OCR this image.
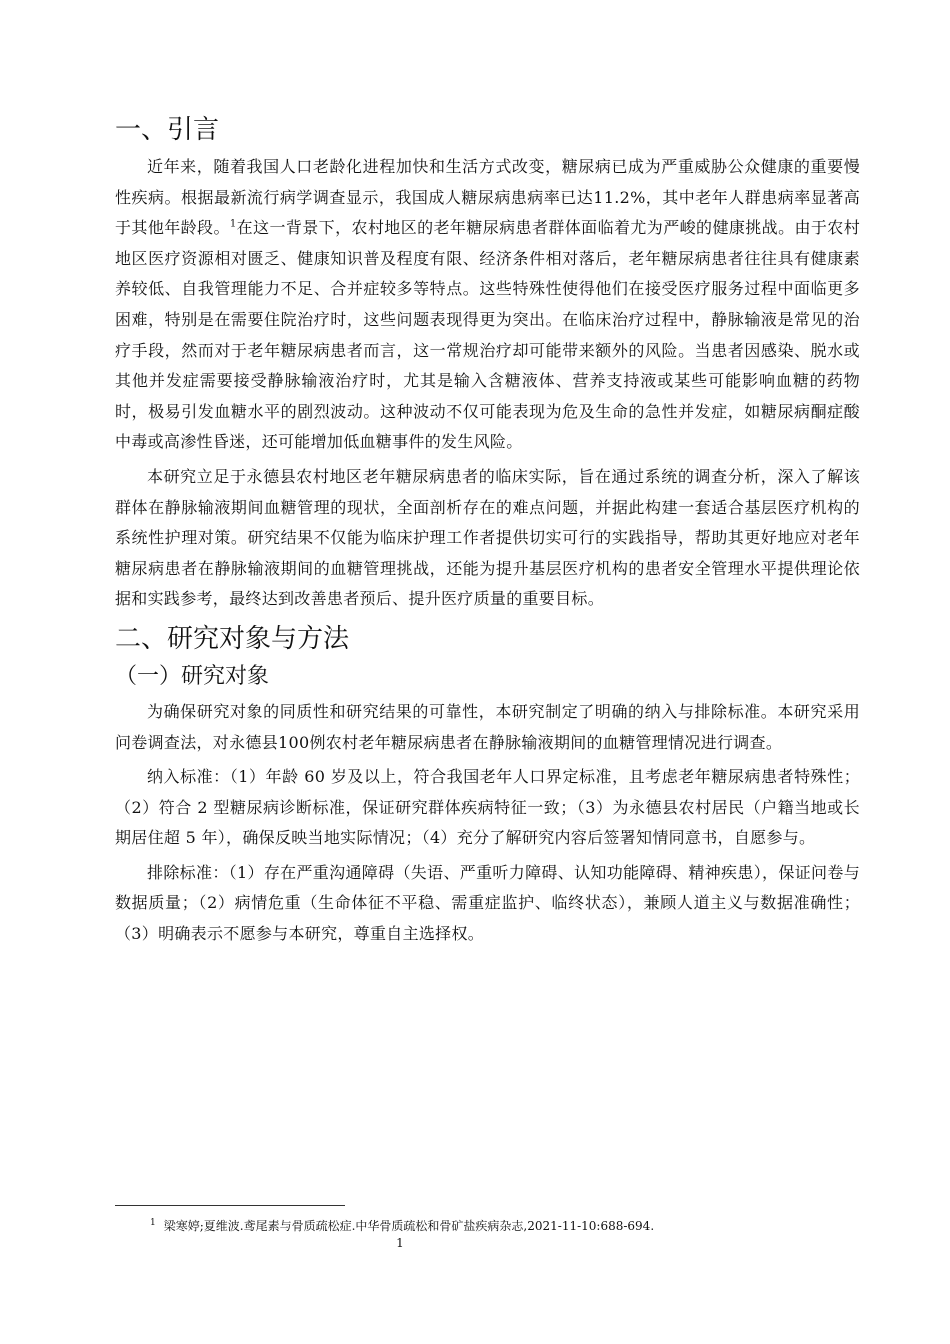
一、引言

近年来，随着我国人口老龄化进程加快和生活方式改变，糖尿病已成为严重威胁公众健康的重要慢性疾病。根据最新流行病学调查显示，我国成人糖尿病患病率已达11.2%，其中老年人群患病率显著高于其他年龄段。$^1$在这一背景下，农村地区的老年糖尿病患者群体面临着尤为严峻的健康挑战。由于农村地区医疗资源相对匮乏、健康知识普及程度有限、经济条件相对落后，老年糖尿病患者往往具有健康素养较低、自我管理能力不足、合并症较多等特点。这些特殊性使得他们在接受医疗服务过程中面临更多困难，特别是在需要住院治疗时，这些问题表现得更为突出。在临床治疗过程中，静脉输液是常见的治疗手段，然而对于老年糖尿病患者而言，这一常规治疗却可能带来额外的风险。当患者因感染、脱水或其他并发症需要接受静脉输液治疗时，尤其是输入含糖液体、营养支持液或某些可能影响血糖的药物时，极易引发血糖水平的剧烈波动。这种波动不仅可能表现为危及生命的急性并发症，如糖尿病酮症酸中毒或高渗性昏迷，还可能增加低血糖事件的发生风险。

本研究立足于永德县农村地区老年糖尿病患者的临床实际，旨在通过系统的调查分析，深入了解该群体在静脉输液期间血糖管理的现状，全面剖析存在的难点问题，并据此构建一套适合基层医疗机构的系统性护理对策。研究结果不仅能为临床护理工作者提供切实可行的实践指导，帮助其更好地应对老年糖尿病患者在静脉输液期间的血糖管理挑战，还能为提升基层医疗机构的患者安全管理水平提供理论依据和实践参考，最终达到改善患者预后、提升医疗质量的重要目标。

二、研究对象与方法
（一）研究对象

为确保研究对象的同质性和研究结果的可靠性，本研究制定了明确的纳入与排除标准。本研究采用问卷调查法，对永德县100例农村老年糖尿病患者在静脉输液期间的血糖管理情况进行调查。

纳入标准：（1）年龄 60 岁及以上，符合我国老年人口界定标准，且考虑老年糖尿病患者特殊性；（2）符合 2 型糖尿病诊断标准，保证研究群体疾病特征一致；（3）为永德县农村居民（户籍当地或长期居住超 5 年），确保反映当地实际情况；（4）充分了解研究内容后签署知情同意书，自愿参与。

排除标准：（1）存在严重沟通障碍（失语、严重听力障碍、认知功能障碍、精神疾患），保证问卷与数据质量；（2）病情危重（生命体征不平稳、需重症监护、临终状态），兼顾人道主义与数据准确性；（3）明确表示不愿参与本研究，尊重自主选择权。

$^1$ 梁寒婷;夏维波.鸢尾素与骨质疏松症.中华骨质疏松和骨矿盐疾病杂志,2021-11-10:688-694.
1
